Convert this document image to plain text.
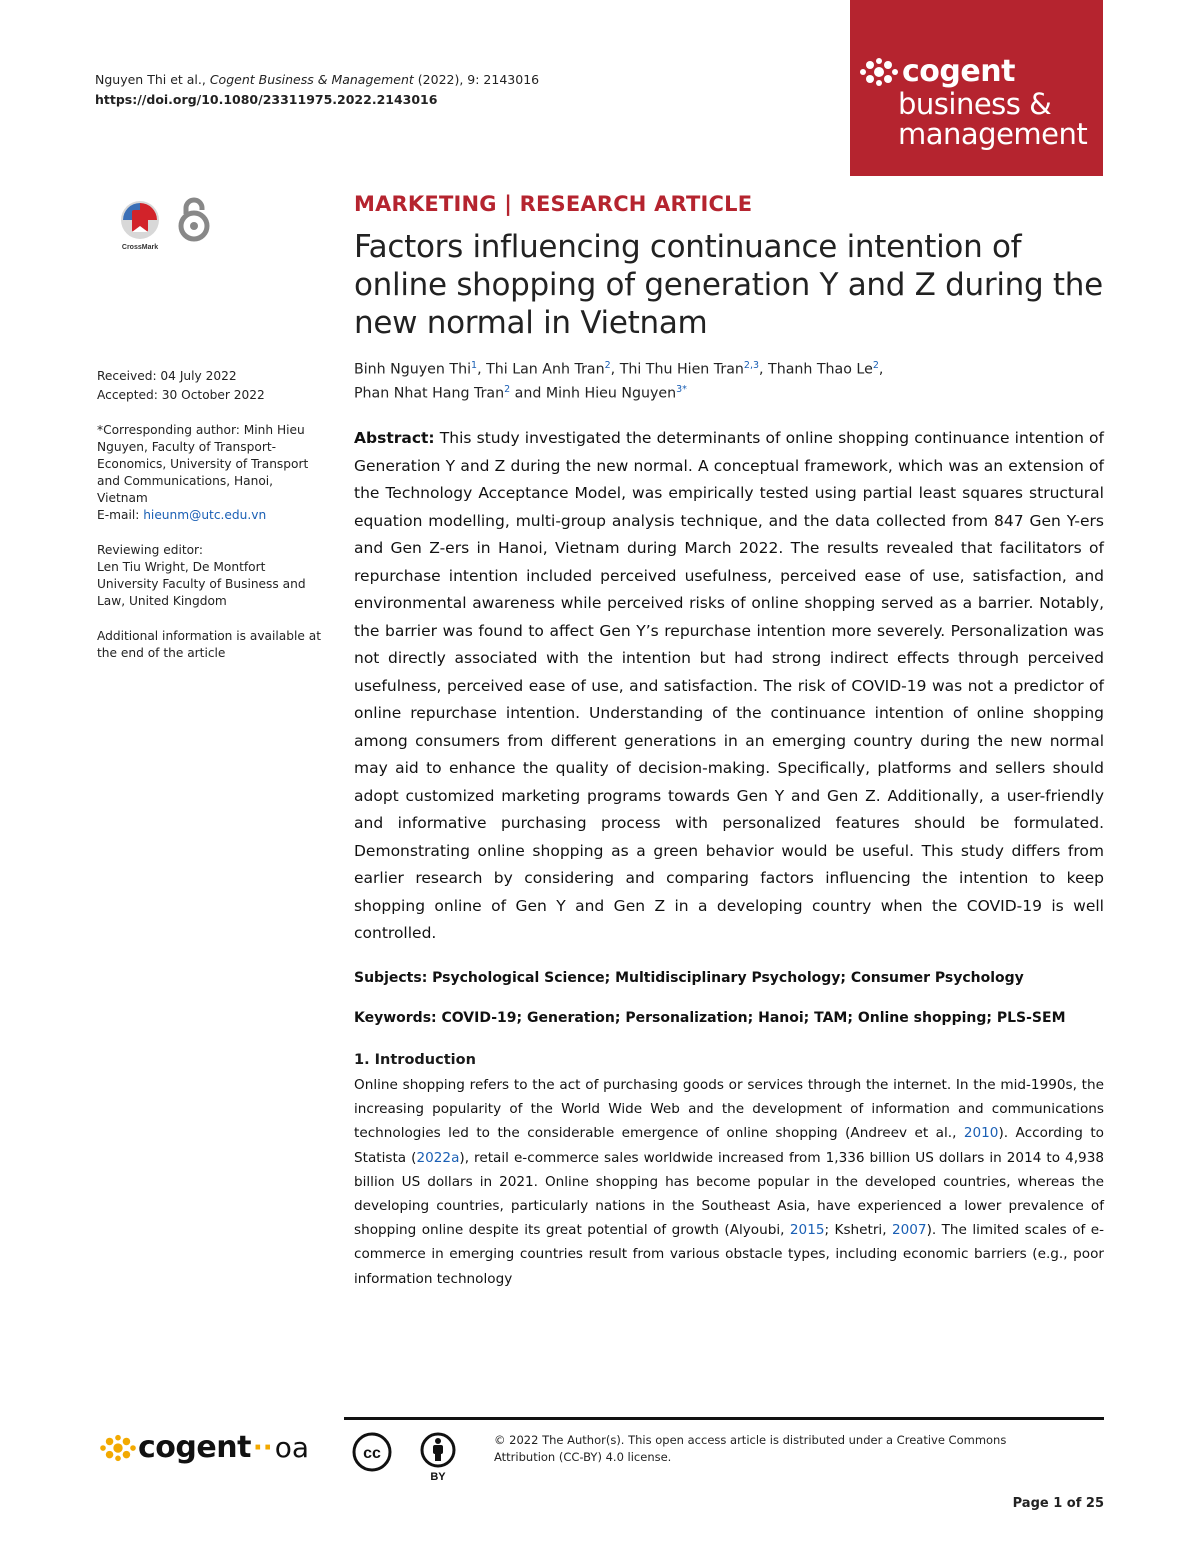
Nguyen Thi et al., Cogent Business & Management (2022), 9: 2143016
https://doi.org/10.1080/23311975.2022.2143016
cogent
business &
management
CrossMark

Received: 04 July 2022

Accepted: 30 October 2022

*Corresponding author: Minh Hieu Nguyen, Faculty of Transport-Economics, University of Transport and Communications, Hanoi, Vietnam

E-mail: hieunm@utc.edu.vn

Reviewing editor:

Len Tiu Wright, De Montfort University Faculty of Business and Law, United Kingdom

Additional information is available at the end of the article

MARKETING | RESEARCH ARTICLE
Factors influencing continuance intention of online shopping of generation Y and Z during the new normal in Vietnam
Binh Nguyen Thi$^1$, Thi Lan Anh Tran$^2$, Thi Thu Hien Tran$^{2,3}$, Thanh Thao Le$^2$,
Phan Nhat Hang Tran$^2$ and Minh Hieu Nguyen$^{3*}$
Abstract: This study investigated the determinants of online shopping continuance intention of Generation Y and Z during the new normal. A conceptual framework, which was an extension of the Technology Acceptance Model, was empirically tested using partial least squares structural equation modelling, multi-group analysis technique, and the data collected from 847 Gen Y-ers and Gen Z-ers in Hanoi, Vietnam during March 2022. The results revealed that facilitators of repurchase intention included perceived usefulness, perceived ease of use, satisfaction, and environmental awareness while perceived risks of online shopping served as a barrier. Notably, the barrier was found to affect Gen Y’s repurchase intention more severely. Personalization was not directly associated with the intention but had strong indirect effects through perceived usefulness, perceived ease of use, and satisfaction. The risk of COVID-19 was not a predictor of online repurchase intention. Understanding of the continuance intention of online shopping among consumers from different generations in an emerging country during the new normal may aid to enhance the quality of decision-making. Specifically, platforms and sellers should adopt customized marketing programs towards Gen Y and Gen Z. Additionally, a user-friendly and informative purchasing process with personalized features should be formulated. Demonstrating online shopping as a green behavior would be useful. This study differs from earlier research by considering and comparing factors influencing the intention to keep shopping online of Gen Y and Gen Z in a developing country when the COVID-19 is well controlled.
Subjects: Psychological Science; Multidisciplinary Psychology; Consumer Psychology
Keywords: COVID-19; Generation; Personalization; Hanoi; TAM; Online shopping; PLS-SEM
1. Introduction
Online shopping refers to the act of purchasing goods or services through the internet. In the mid-1990s, the increasing popularity of the World Wide Web and the development of information and communications technologies led to the considerable emergence of online shopping (Andreev et al., 2010). According to Statista (2022a), retail e-commerce sales worldwide increased from 1,336 billion US dollars in 2014 to 4,938 billion US dollars in 2021. Online shopping has become popular in the developed countries, whereas the developing countries, particularly nations in the Southeast Asia, have experienced a lower prevalence of shopping online despite its great potential of growth (Alyoubi, 2015; Kshetri, 2007). The limited scales of e-commerce in emerging countries result from various obstacle types, including economic barriers (e.g., poor information technology
cogent ·· oa	cc
BY
© 2022 The Author(s). This open access article is distributed under a Creative Commons Attribution (CC-BY) 4.0 license.
Page 1 of 25
